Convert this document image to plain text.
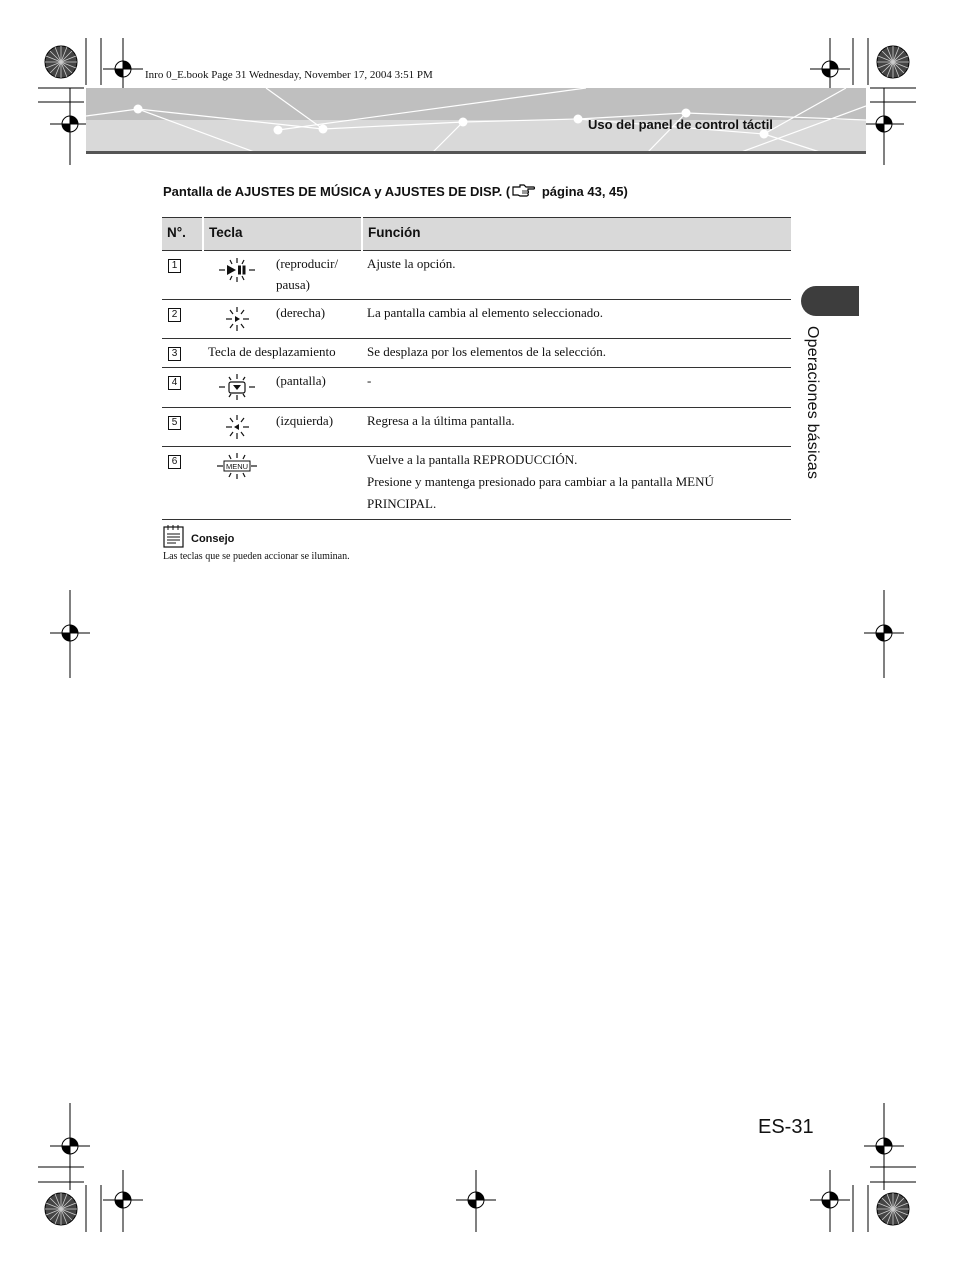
Inro 0_E.book Page 31 Wednesday, November 17, 2004 3:51 PM
Uso del panel de control táctil
Pantalla de AJUSTES DE MÚSICA y AJUSTES DE DISP. ( página 43, 45)
N°.	Tecla	Función
1	(reproducir/ pausa)	Ajuste la opción.
2	(derecha)	La pantalla cambia al elemento seleccionado.
3	Tecla de desplazamiento	Se desplaza por los elementos de la selección.
4	(pantalla)	-
5	(izquierda)	Regresa a la última pantalla.
6	MENU	Vuelve a la pantalla REPRODUCCIÓN.
Presione y mantenga presionado para cambiar a la pantalla MENÚ PRINCIPAL.
Operaciones básicas
Consejo
Las teclas que se pueden accionar se iluminan.
ES-31
